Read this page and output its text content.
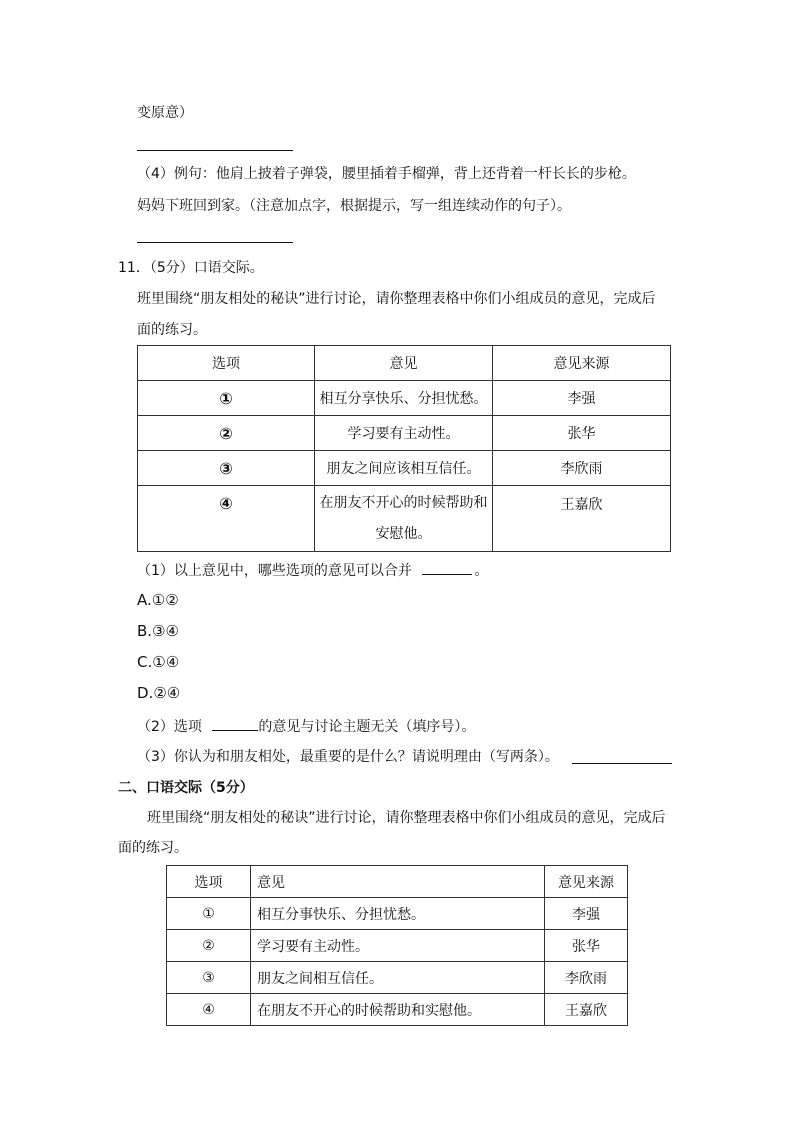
变原意）
（4）例句：他肩上披着子弹袋，腰里插着手榴弹，背上还背着一杆长长的步枪。
妈妈下班回到家。（注意加点字，根据提示，写一组连续动作的句子）。
11．（5分）口语交际。
班里围绕“朋友相处的秘诀”进行讨论，请你整理表格中你们小组成员的意见，完成后
面的练习。
选项	意见	意见来源
①	相互分享快乐、分担忧愁。	李强
②	学习要有主动性。	张华
③	朋友之间应该相互信任。	李欣雨
④	在朋友不开心的时候帮助和
安慰他。	王嘉欣
（1）以上意见中，哪些选项的意见可以合并	。
A.①②
B.③④
C.①④
D.②④
（2）选项	的意见与讨论主题无关（填序号）。
（3）你认为和朋友相处，最重要的是什么？请说明理由（写两条）。
二、口语交际（5分）
班里围绕“朋友相处的秘诀”进行讨论，请你整理表格中你们小组成员的意见，完成后
面的练习。
选项	意见	意见来源
①	相互分事快乐、分担忧愁。	李强
②	学习要有主动性。	张华
③	朋友之间相互信任。	李欣雨
④	在朋友不开心的时候帮助和实慰他。	王嘉欣
